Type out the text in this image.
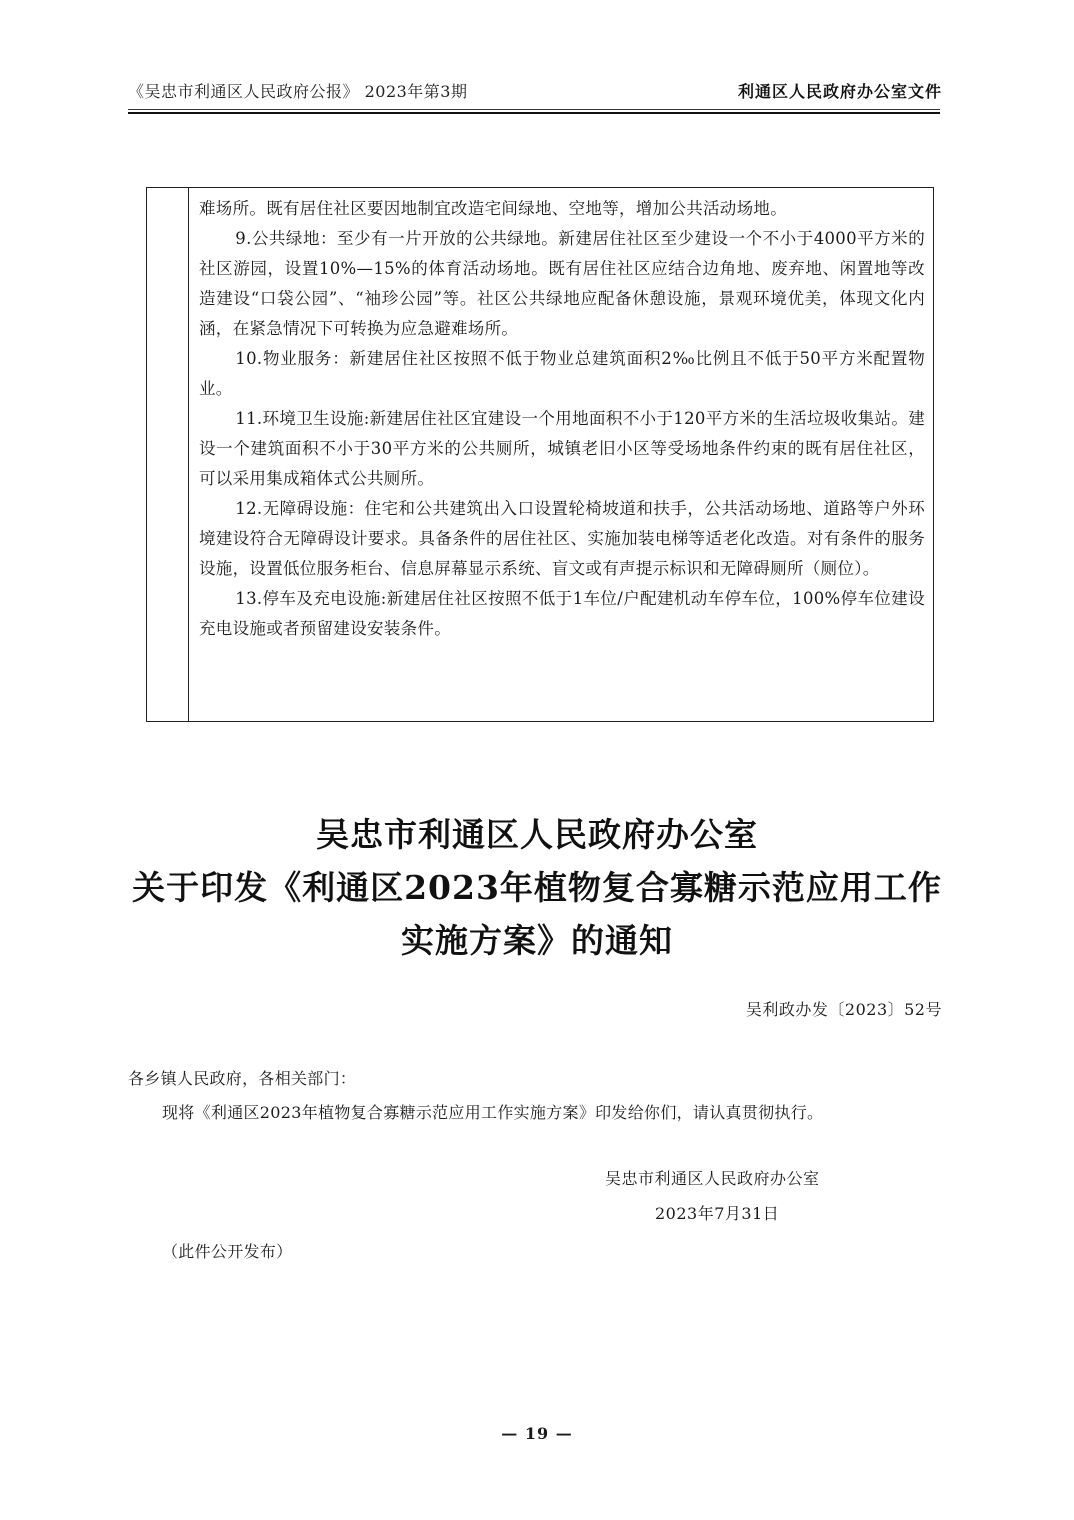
《吴忠市利通区人民政府公报》 2023年第3期	利通区人民政府办公室文件

难场所。既有居住社区要因地制宜改造宅间绿地、空地等，增加公共活动场地。

9.公共绿地：至少有一片开放的公共绿地。新建居住社区至少建设一个不小于4000平方米的社区游园，设置10%—15%的体育活动场地。既有居住社区应结合边角地、废弃地、闲置地等改造建设“口袋公园”、“袖珍公园”等。社区公共绿地应配备休憩设施，景观环境优美，体现文化内涵，在紧急情况下可转换为应急避难场所。

10.物业服务：新建居住社区按照不低于物业总建筑面积2‰比例且不低于50平方米配置物业。

11.环境卫生设施:新建居住社区宜建设一个用地面积不小于120平方米的生活垃圾收集站。建设一个建筑面积不小于30平方米的公共厕所，城镇老旧小区等受场地条件约束的既有居住社区，可以采用集成箱体式公共厕所。

12.无障碍设施：住宅和公共建筑出入口设置轮椅坡道和扶手，公共活动场地、道路等户外环境建设符合无障碍设计要求。具备条件的居住社区、实施加装电梯等适老化改造。对有条件的服务设施，设置低位服务柜台、信息屏幕显示系统、盲文或有声提示标识和无障碍厕所（厕位）。

13.停车及充电设施:新建居住社区按照不低于1车位/户配建机动车停车位，100%停车位建设充电设施或者预留建设安装条件。

吴忠市利通区人民政府办公室
关于印发《利通区2023年植物复合寡糖示范应用工作
实施方案》的通知
吴利政办发〔2023〕52号
各乡镇人民政府，各相关部门：
现将《利通区2023年植物复合寡糖示范应用工作实施方案》印发给你们，请认真贯彻执行。
吴忠市利通区人民政府办公室
2023年7月31日
（此件公开发布）
— 19 —
